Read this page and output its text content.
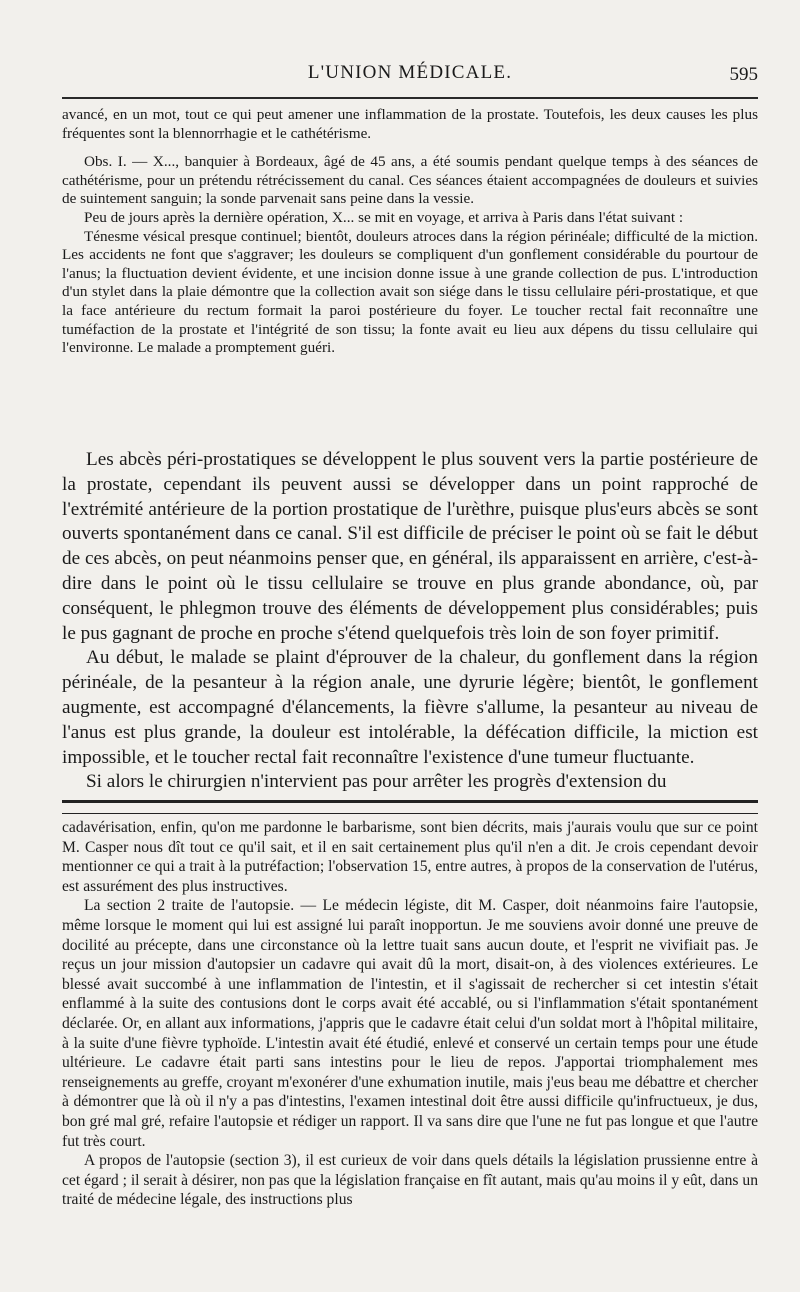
L'UNION MÉDICALE.	595

avancé, en un mot, tout ce qui peut amener une inflammation de la prostate. Toutefois, les deux causes les plus fréquentes sont la blennorrhagie et le cathétérisme.

Obs. I. — X..., banquier à Bordeaux, âgé de 45 ans, a été soumis pendant quelque temps à des séances de cathétérisme, pour un prétendu rétrécissement du canal. Ces séances étaient accompagnées de douleurs et suivies de suintement sanguin; la sonde parvenait sans peine dans la vessie.

Peu de jours après la dernière opération, X... se mit en voyage, et arriva à Paris dans l'état suivant :

Ténesme vésical presque continuel; bientôt, douleurs atroces dans la région périnéale; difficulté de la miction. Les accidents ne font que s'aggraver; les douleurs se compliquent d'un gonflement considérable du pourtour de l'anus; la fluctuation devient évidente, et une incision donne issue à une grande collection de pus. L'introduction d'un stylet dans la plaie démontre que la collection avait son siége dans le tissu cellulaire péri-prostatique, et que la face antérieure du rectum formait la paroi postérieure du foyer. Le toucher rectal fait reconnaître une tuméfaction de la prostate et l'intégrité de son tissu; la fonte avait eu lieu aux dépens du tissu cellulaire qui l'environne. Le malade a promptement guéri.

Les abcès péri-prostatiques se développent le plus souvent vers la partie postérieure de la prostate, cependant ils peuvent aussi se développer dans un point rapproché de l'extrémité antérieure de la portion prostatique de l'urèthre, puisque plus'eurs abcès se sont ouverts spontanément dans ce canal. S'il est difficile de préciser le point où se fait le début de ces abcès, on peut néanmoins penser que, en général, ils apparaissent en arrière, c'est-à-dire dans le point où le tissu cellulaire se trouve en plus grande abondance, où, par conséquent, le phlegmon trouve des éléments de développement plus considérables; puis le pus gagnant de proche en proche s'étend quelquefois très loin de son foyer primitif.

Au début, le malade se plaint d'éprouver de la chaleur, du gonflement dans la région périnéale, de la pesanteur à la région anale, une dyrurie légère; bientôt, le gonflement augmente, est accompagné d'élancements, la fièvre s'allume, la pesanteur au niveau de l'anus est plus grande, la douleur est intolérable, la défécation difficile, la miction est impossible, et le toucher rectal fait reconnaître l'existence d'une tumeur fluctuante.

Si alors le chirurgien n'intervient pas pour arrêter les progrès d'extension du

cadavérisation, enfin, qu'on me pardonne le barbarisme, sont bien décrits, mais j'aurais voulu que sur ce point M. Casper nous dît tout ce qu'il sait, et il en sait certainement plus qu'il n'en a dit. Je crois cependant devoir mentionner ce qui a trait à la putréfaction; l'observation 15, entre autres, à propos de la conservation de l'utérus, est assurément des plus instructives.

La section 2 traite de l'autopsie. — Le médecin légiste, dit M. Casper, doit néanmoins faire l'autopsie, même lorsque le moment qui lui est assigné lui paraît inopportun. Je me souviens avoir donné une preuve de docilité au précepte, dans une circonstance où la lettre tuait sans aucun doute, et l'esprit ne vivifiait pas. Je reçus un jour mission d'autopsier un cadavre qui avait dû la mort, disait-on, à des violences extérieures. Le blessé avait succombé à une inflammation de l'intestin, et il s'agissait de rechercher si cet intestin s'était enflammé à la suite des contusions dont le corps avait été accablé, ou si l'inflammation s'était spontanément déclarée. Or, en allant aux informations, j'appris que le cadavre était celui d'un soldat mort à l'hôpital militaire, à la suite d'une fièvre typhoïde. L'intestin avait été étudié, enlevé et conservé un certain temps pour une étude ultérieure. Le cadavre était parti sans intestins pour le lieu de repos. J'apportai triomphalement mes renseignements au greffe, croyant m'exonérer d'une exhumation inutile, mais j'eus beau me débattre et chercher à démontrer que là où il n'y a pas d'intestins, l'examen intestinal doit être aussi difficile qu'infructueux, je dus, bon gré mal gré, refaire l'autopsie et rédiger un rapport. Il va sans dire que l'une ne fut pas longue et que l'autre fut très court.

A propos de l'autopsie (section 3), il est curieux de voir dans quels détails la législation prussienne entre à cet égard ; il serait à désirer, non pas que la législation française en fît autant, mais qu'au moins il y eût, dans un traité de médecine légale, des instructions plus
